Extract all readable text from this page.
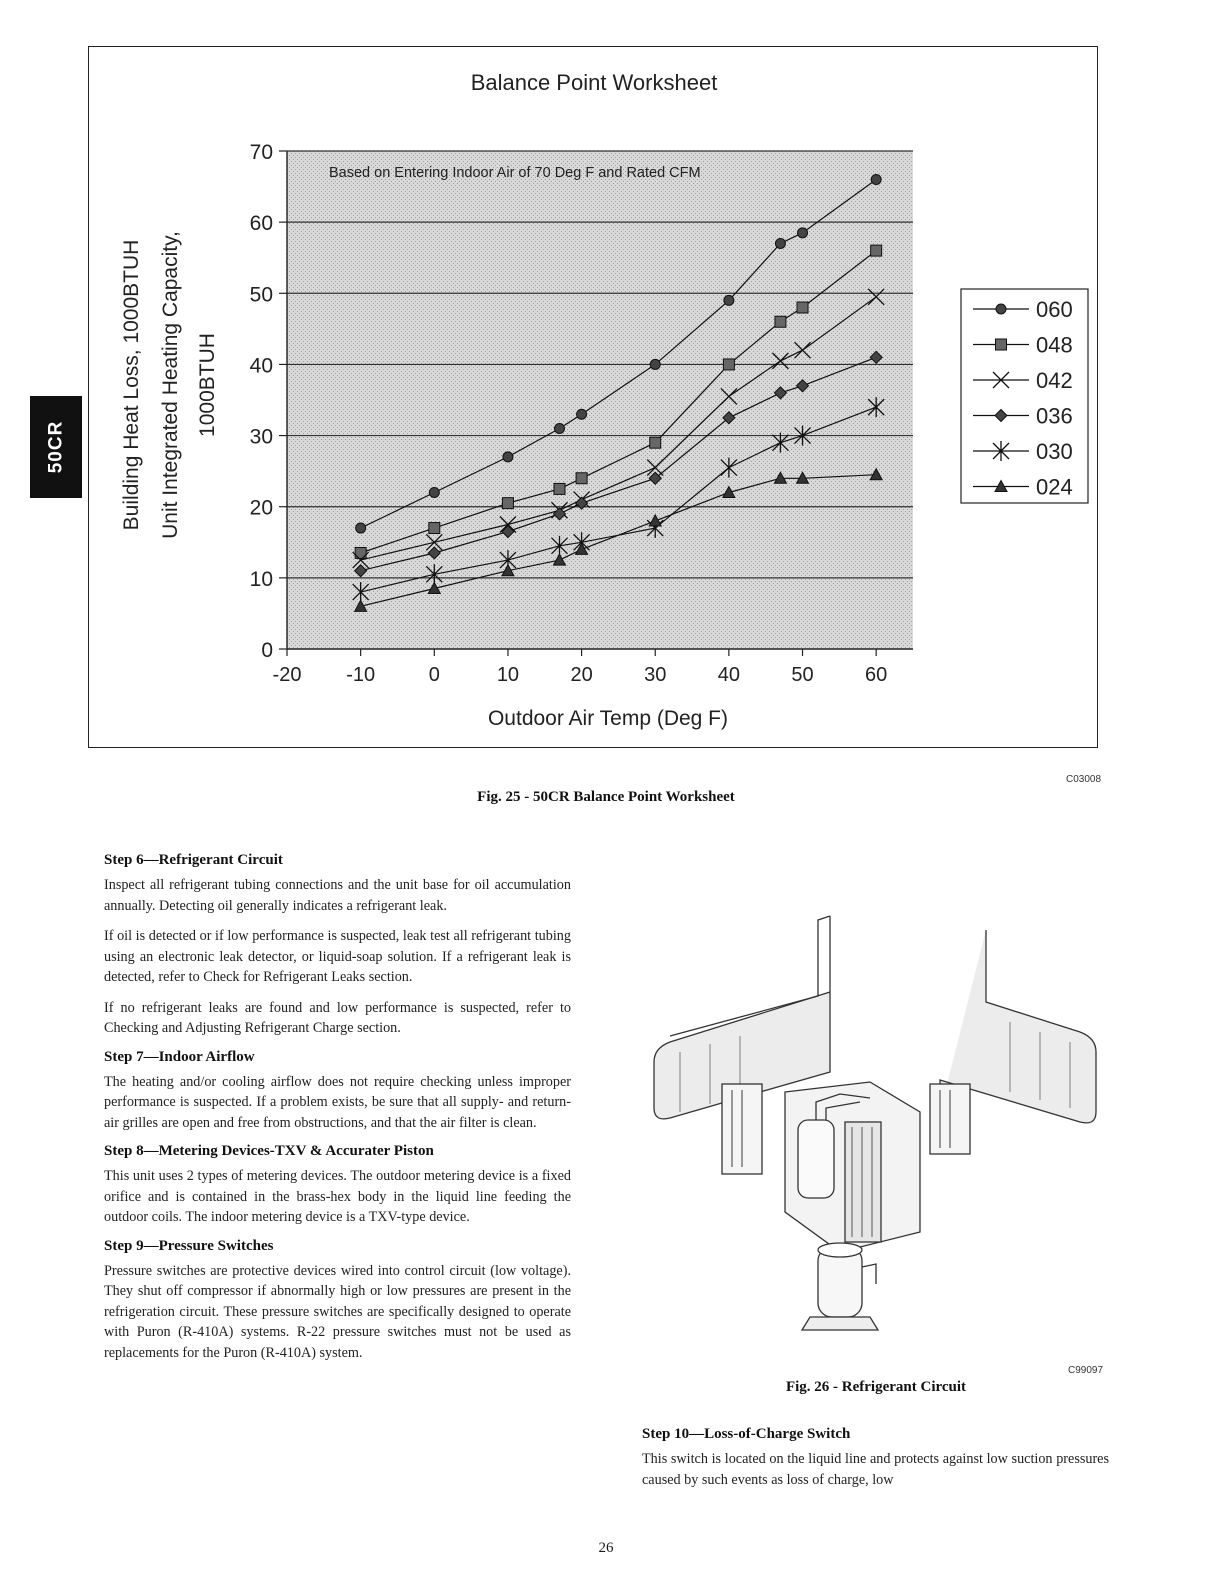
50CR
Balance Point Worksheet
Based on Entering Indoor Air of 70 Deg F and Rated CFM
0
10
20
30
40
50
60
70
-20 -10	0	10	20	30	40	50	60
Outdoor Air Temp (Deg F)
Building Heat Loss, 1000BTUH Unit Integrated Heating Capacity, 1000BTUH
060
048
042
036
030
024
C03008
Fig. 25 - 50CR Balance Point Worksheet
Step 6—Refrigerant Circuit

Inspect all refrigerant tubing connections and the unit base for oil accumulation annually. Detecting oil generally indicates a refrigerant leak.

If oil is detected or if low performance is suspected, leak test all refrigerant tubing using an electronic leak detector, or liquid-soap solution. If a refrigerant leak is detected, refer to Check for Refrigerant Leaks section.

If no refrigerant leaks are found and low performance is suspected, refer to Checking and Adjusting Refrigerant Charge section.

Step 7—Indoor Airflow

The heating and/or cooling airflow does not require checking unless improper performance is suspected. If a problem exists, be sure that all supply- and return-air grilles are open and free from obstructions, and that the air filter is clean.

Step 8—Metering Devices-TXV & Accurater Piston

This unit uses 2 types of metering devices. The outdoor metering device is a fixed orifice and is contained in the brass-hex body in the liquid line feeding the outdoor coils. The indoor metering device is a TXV-type device.

Step 9—Pressure Switches

Pressure switches are protective devices wired into control circuit (low voltage). They shut off compressor if abnormally high or low pressures are present in the refrigeration circuit. These pressure switches are specifically designed to operate with Puron (R-410A) systems. R-22 pressure switches must not be used as replacements for the Puron (R-410A) system.

C99097
Fig. 26 - Refrigerant Circuit
Step 10—Loss-of-Charge Switch

This switch is located on the liquid line and protects against low suction pressures caused by such events as loss of charge, low

26
